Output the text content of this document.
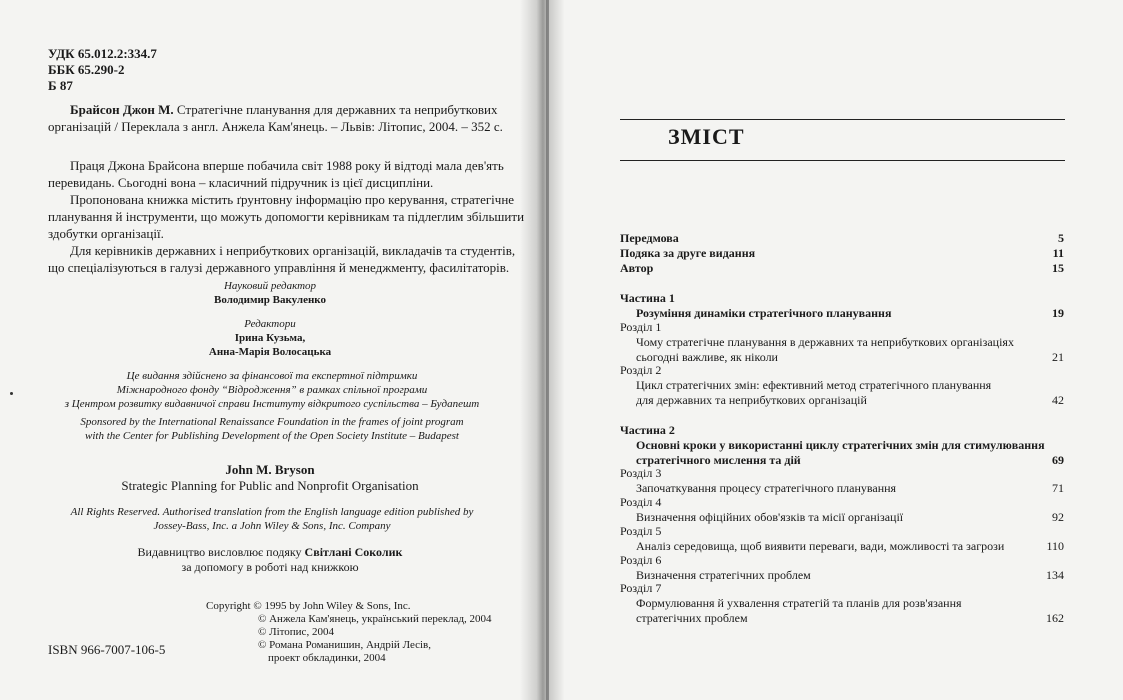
УДК 65.012.2:334.7
ББК 65.290-2
Б 87
Брайсон Джон М. Стратегічне планування для державних та неприбуткових
організацій / Переклала з англ. Анжела Кам'янець. – Львів: Літопис, 2004. – 352 с.
Праця Джона Брайсона вперше побачила світ 1988 року й відтоді мала дев'ять
перевидань. Сьогодні вона – класичний підручник із цієї дисципліни.
Пропонована книжка містить ґрунтовну інформацію про керування, стратегічне
планування й інструменти, що можуть допомогти керівникам та підлеглим збільшити
здобутки організації.
Для керівників державних і неприбуткових організацій, викладачів та студентів,
що спеціалізуються в галузі державного управління й менеджменту, фасилітаторів.
Науковий редактор
Володимир Вакуленко
Редактори
Ірина Кузьма,
Анна-Марія Волосацька
Це видання здійснено за фінансової та експертної підтримки
Міжнародного фонду “Відродження” в рамках спільної програми
з Центром розвитку видавничої справи Інституту відкритого суспільства – Будапешт
Sponsored by the International Renaissance Foundation in the frames of joint program
with the Center for Publishing Development of the Open Society Institute – Budapest
John M. Bryson
Strategic Planning for Public and Nonprofit Organisation
All Rights Reserved. Authorised translation from the English language edition published by
Jossey-Bass, Inc. a John Wiley & Sons, Inc. Company
Видавництво висловлює подяку Світлані Соколик
за допомогу в роботі над книжкою
Copyright © 1995 by John Wiley & Sons, Inc.
© Анжела Кам'янець, український переклад, 2004
© Літопис, 2004
© Романа Романишин, Андрій Лесів,
проект обкладинки, 2004
ISBN 966-7007-106-5
ЗМІСТ
Передмова	5
Подяка за друге видання	11
Автор	15
Частина 1
Розуміння динаміки стратегічного планування	19
Розділ 1
Чому стратегічне планування в державних та неприбуткових організаціях
сьогодні важливе, як ніколи	21
Розділ 2
Цикл стратегічних змін: ефективний метод стратегічного планування
для державних та неприбуткових організацій	42
Частина 2
Основні кроки у використанні циклу стратегічних змін для стимулювання
стратегічного мислення та дій	69
Розділ 3
Започаткування процесу стратегічного планування	71
Розділ 4
Визначення офіційних обов'язків та місії організації	92
Розділ 5
Аналіз середовища, щоб виявити переваги, вади, можливості та загрози	110
Розділ 6
Визначення стратегічних проблем	134
Розділ 7
Формулювання й ухвалення стратегій та планів для розв'язання
стратегічних проблем	162
